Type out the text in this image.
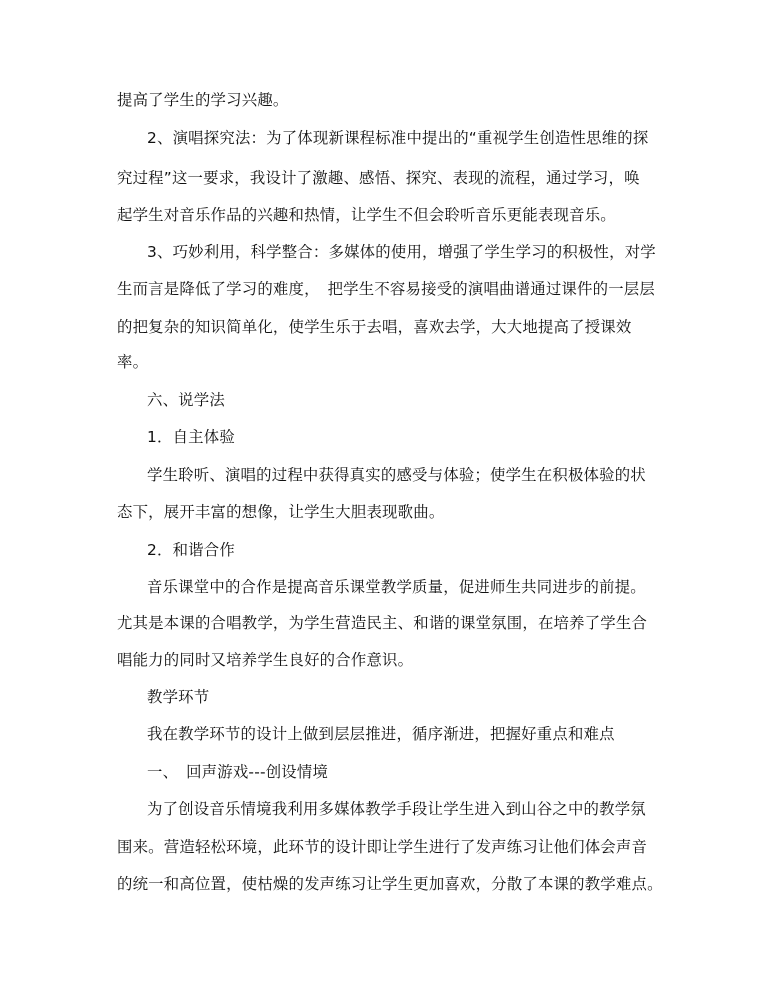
提高了学生的学习兴趣。
2、演唱探究法：为了体现新课程标准中提出的“重视学生创造性思维的探
究过程”这一要求，我设计了激趣、感悟、探究、表现的流程，通过学习，唤
起学生对音乐作品的兴趣和热情，让学生不但会聆听音乐更能表现音乐。
3、巧妙利用，科学整合：多媒体的使用，增强了学生学习的积极性，对学
生而言是降低了学习的难度，　把学生不容易接受的演唱曲谱通过课件的一层层
的把复杂的知识简单化，使学生乐于去唱，喜欢去学，大大地提高了授课效
率。
六、说学法
1．自主体验
学生聆听、演唱的过程中获得真实的感受与体验；使学生在积极体验的状
态下，展开丰富的想像，让学生大胆表现歌曲。
2．和谐合作
音乐课堂中的合作是提高音乐课堂教学质量，促进师生共同进步的前提。
尤其是本课的合唱教学，为学生营造民主、和谐的课堂氛围，在培养了学生合
唱能力的同时又培养学生良好的合作意识。
教学环节
我在教学环节的设计上做到层层推进，循序渐进，把握好重点和难点
一、　回声游戏---创设情境
为了创设音乐情境我利用多媒体教学手段让学生进入到山谷之中的教学氛
围来。营造轻松环境，此环节的设计即让学生进行了发声练习让他们体会声音
的统一和高位置，使枯燥的发声练习让学生更加喜欢，分散了本课的教学难点。
